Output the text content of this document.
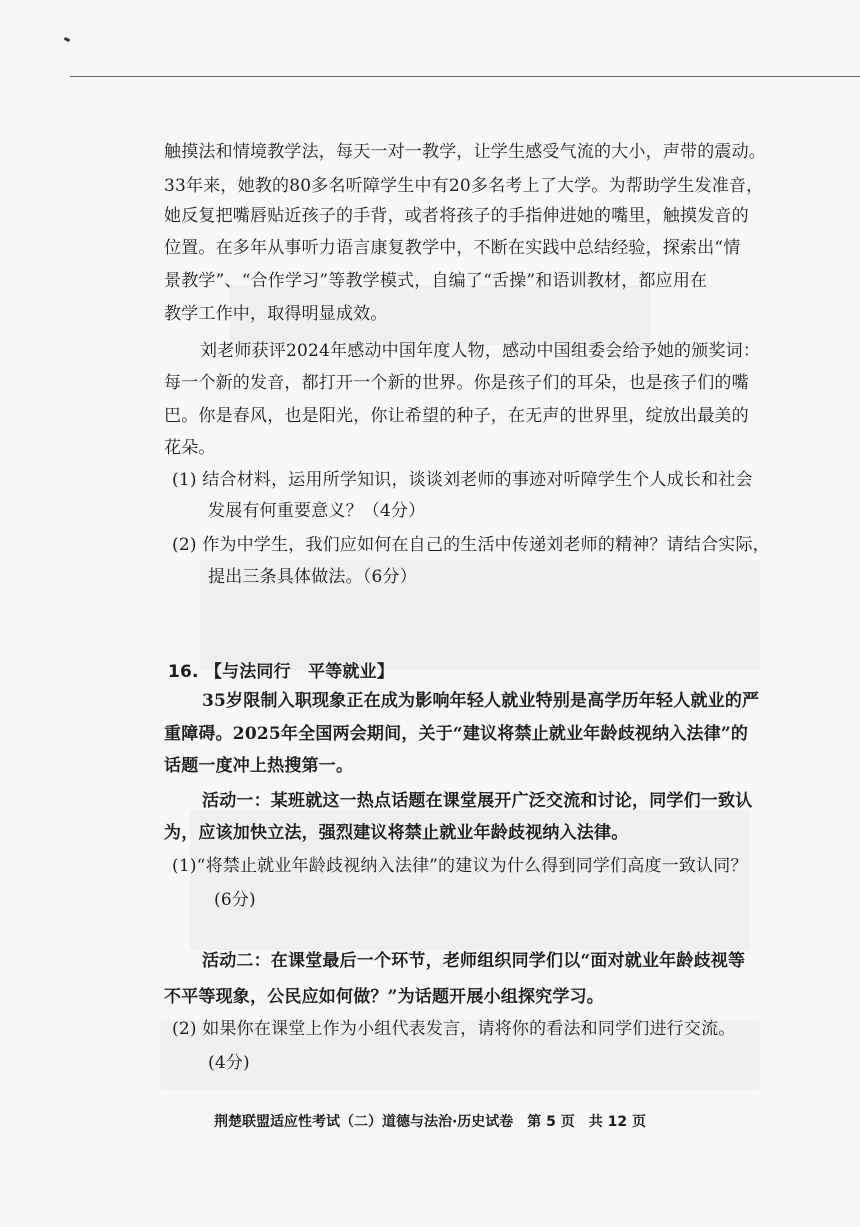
触摸法和情境教学法，每天一对一教学，让学生感受气流的大小，声带的震动。
33年来，她教的80多名听障学生中有20多名考上了大学。为帮助学生发准音，
她反复把嘴唇贴近孩子的手背，或者将孩子的手指伸进她的嘴里，触摸发音的
位置。在多年从事听力语言康复教学中，不断在实践中总结经验，探索出“情
景教学”、“合作学习”等教学模式，自编了“舌操”和语训教材，都应用在
教学工作中，取得明显成效。
刘老师获评2024年感动中国年度人物，感动中国组委会给予她的颁奖词：
每一个新的发音，都打开一个新的世界。你是孩子们的耳朵，也是孩子们的嘴
巴。你是春风，也是阳光，你让希望的种子，在无声的世界里，绽放出最美的
花朵。
(1) 结合材料，运用所学知识，谈谈刘老师的事迹对听障学生个人成长和社会
发展有何重要意义？（4分）
(2) 作为中学生，我们应如何在自己的生活中传递刘老师的精神？请结合实际，
提出三条具体做法。（6分）
16. 【与法同行　平等就业】
35岁限制入职现象正在成为影响年轻人就业特别是高学历年轻人就业的严
重障碍。2025年全国两会期间，关于“建议将禁止就业年龄歧视纳入法律”的
话题一度冲上热搜第一。
活动一：某班就这一热点话题在课堂展开广泛交流和讨论，同学们一致认
为，应该加快立法，强烈建议将禁止就业年龄歧视纳入法律。
(1)“将禁止就业年龄歧视纳入法律”的建议为什么得到同学们高度一致认同？
(6分)
活动二：在课堂最后一个环节，老师组织同学们以“面对就业年龄歧视等
不平等现象，公民应如何做？”为话题开展小组探究学习。
(2) 如果你在课堂上作为小组代表发言，请将你的看法和同学们进行交流。
(4分)
荆楚联盟适应性考试（二）道德与法治·历史试卷　第 5 页　共 12 页
